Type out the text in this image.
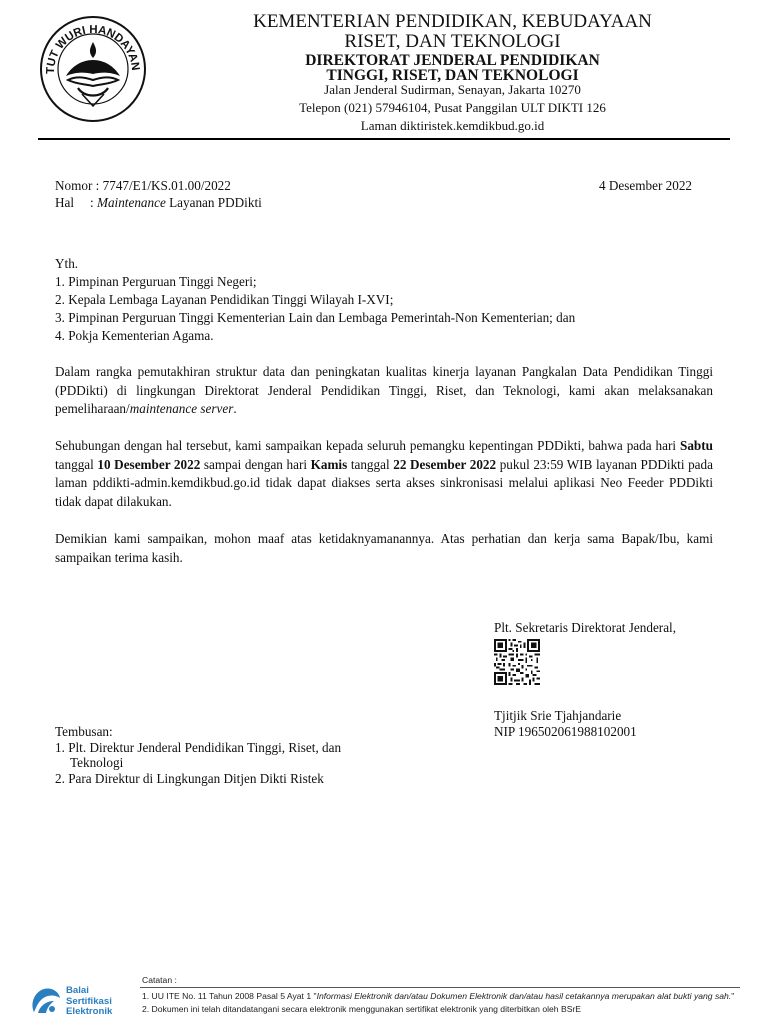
TUT WURI HANDAYAN
KEMENTERIAN PENDIDIKAN, KEBUDAYAAN
RISET, DAN TEKNOLOGI
DIREKTORAT JENDERAL PENDIDIKAN
TINGGI, RISET, DAN TEKNOLOGI
Jalan Jenderal Sudirman, Senayan, Jakarta 10270
Telepon (021) 57946104, Pusat Panggilan ULT DIKTI 126
Laman diktiristek.kemdikbud.go.id
Nomor : 7747/E1/KS.01.00/2022	4 Desember 2022
Hal : Maintenance Layanan PDDikti
Yth.
1. Pimpinan Perguruan Tinggi Negeri;
2. Kepala Lembaga Layanan Pendidikan Tinggi Wilayah I-XVI;
3. Pimpinan Perguruan Tinggi Kementerian Lain dan Lembaga Pemerintah-Non Kementerian; dan
4. Pokja Kementerian Agama.
Dalam rangka pemutakhiran struktur data dan peningkatan kualitas kinerja layanan Pangkalan Data Pendidikan Tinggi (PDDikti) di lingkungan Direktorat Jenderal Pendidikan Tinggi, Riset, dan Teknologi, kami akan melaksanakan pemeliharaan/maintenance server.
Sehubungan dengan hal tersebut, kami sampaikan kepada seluruh pemangku kepentingan PDDikti, bahwa pada hari Sabtu tanggal 10 Desember 2022 sampai dengan hari Kamis tanggal 22 Desember 2022 pukul 23:59 WIB layanan PDDikti pada laman pddikti-admin.kemdikbud.go.id tidak dapat diakses serta akses sinkronisasi melalui aplikasi Neo Feeder PDDikti tidak dapat dilakukan.
Demikian kami sampaikan, mohon maaf atas ketidaknyamanannya. Atas perhatian dan kerja sama Bapak/Ibu, kami sampaikan terima kasih.
Plt. Sekretaris Direktorat Jenderal,
Tjitjik Srie Tjahjandarie
NIP 196502061988102001
Tembusan:
1. Plt. Direktur Jenderal Pendidikan Tinggi, Riset, dan
Teknologi
2. Para Direktur di Lingkungan Ditjen Dikti Ristek
Balai
Sertifikasi
Elektronik
Catatan :
1. UU ITE No. 11 Tahun 2008 Pasal 5 Ayat 1 "Informasi Elektronik dan/atau Dokumen Elektronik dan/atau hasil cetakannya merupakan alat bukti yang sah."
2. Dokumen ini telah ditandatangani secara elektronik menggunakan sertifikat elektronik yang diterbitkan oleh BSrE
